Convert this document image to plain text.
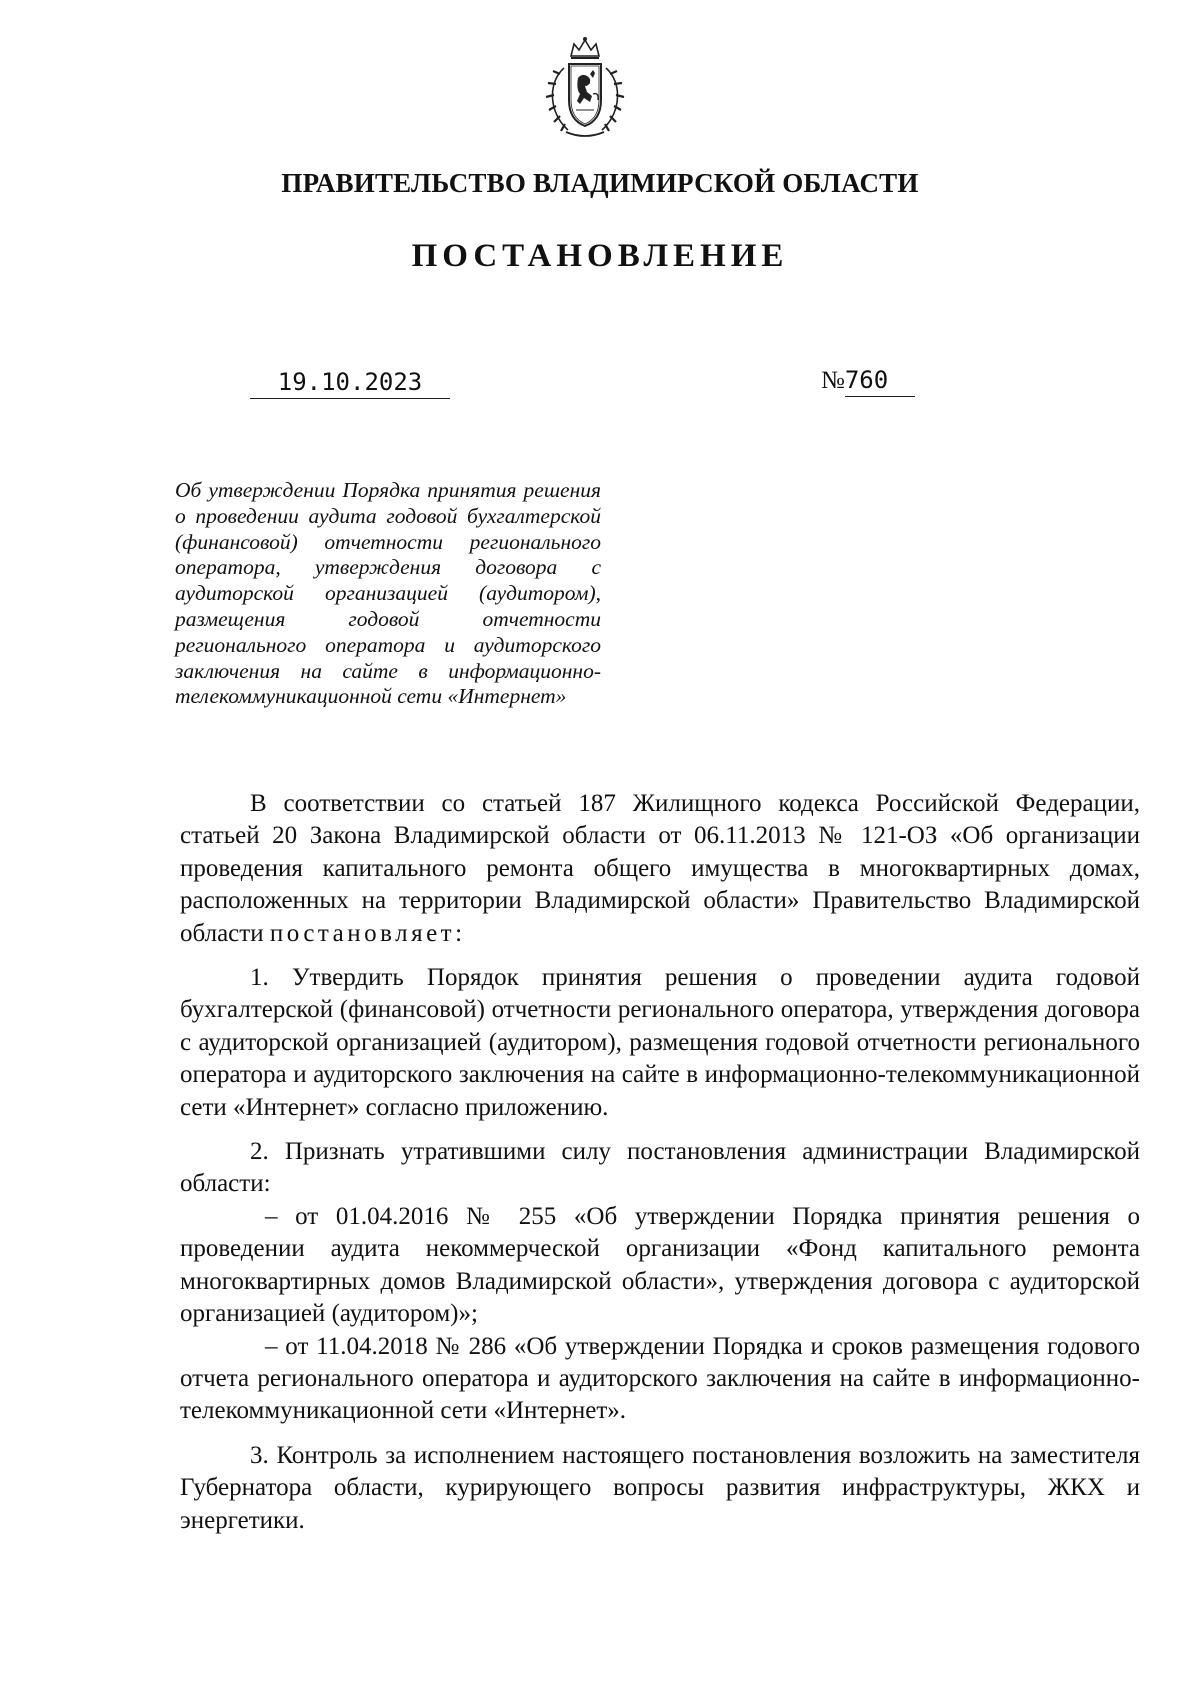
ПРАВИТЕЛЬСТВО ВЛАДИМИРСКОЙ ОБЛАСТИ
ПОСТАНОВЛЕНИЕ
19.10.2023	№760
Об утверждении Порядка принятия решения о проведении аудита годовой бухгалтерской (финансовой) отчетности регионального оператора, утверждения договора с аудиторской организацией (аудитором), размещения годовой отчетности регионального оператора и аудиторского заключения на сайте в информационно-телекоммуникационной сети «Интернет»

В соответствии со статьей 187 Жилищного кодекса Российской Федерации, статьей 20 Закона Владимирской области от 06.11.2013 № 121-ОЗ «Об организации проведения капитального ремонта общего имущества в многоквартирных домах, расположенных на территории Владимирской области» Правительство Владимирской области постановляет:

1. Утвердить Порядок принятия решения о проведении аудита годовой бухгалтерской (финансовой) отчетности регионального оператора, утверждения договора с аудиторской организацией (аудитором), размещения годовой отчетности регионального оператора и аудиторского заключения на сайте в информационно-телекоммуникационной сети «Интернет» согласно приложению.

2. Признать утратившими силу постановления администрации Владимирской области:

– от 01.04.2016 № 255 «Об утверждении Порядка принятия решения о проведении аудита некоммерческой организации «Фонд капитального ремонта многоквартирных домов Владимирской области», утверждения договора с аудиторской организацией (аудитором)»;

– от 11.04.2018 № 286 «Об утверждении Порядка и сроков размещения годового отчета регионального оператора и аудиторского заключения на сайте в информационно-телекоммуникационной сети «Интернет».

3. Контроль за исполнением настоящего постановления возложить на заместителя Губернатора области, курирующего вопросы развития инфраструктуры, ЖКХ и энергетики.
